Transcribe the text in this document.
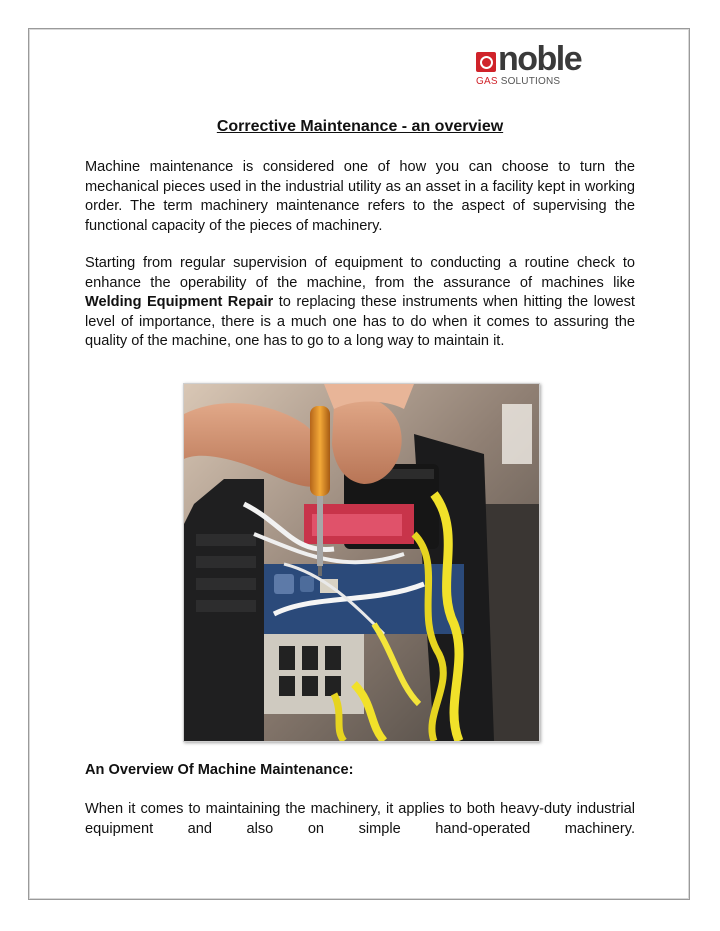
noble
GAS SOLUTIONS
Corrective Maintenance - an overview

Machine maintenance is considered one of how you can choose to turn the mechanical pieces used in the industrial utility as an asset in a facility kept in working order. The term machinery maintenance refers to the aspect of supervising the functional capacity of the pieces of machinery.

Starting from regular supervision of equipment to conducting a routine check to enhance the operability of the machine, from the assurance of machines like Welding Equipment Repair to replacing these instruments when hitting the lowest level of importance, there is a much one has to do when it comes to assuring the quality of the machine, one has to go to a long way to maintain it.

An Overview Of Machine Maintenance:

When it comes to maintaining the machinery, it applies to both heavy-duty industrial equipment and also on simple hand-operated machinery.
